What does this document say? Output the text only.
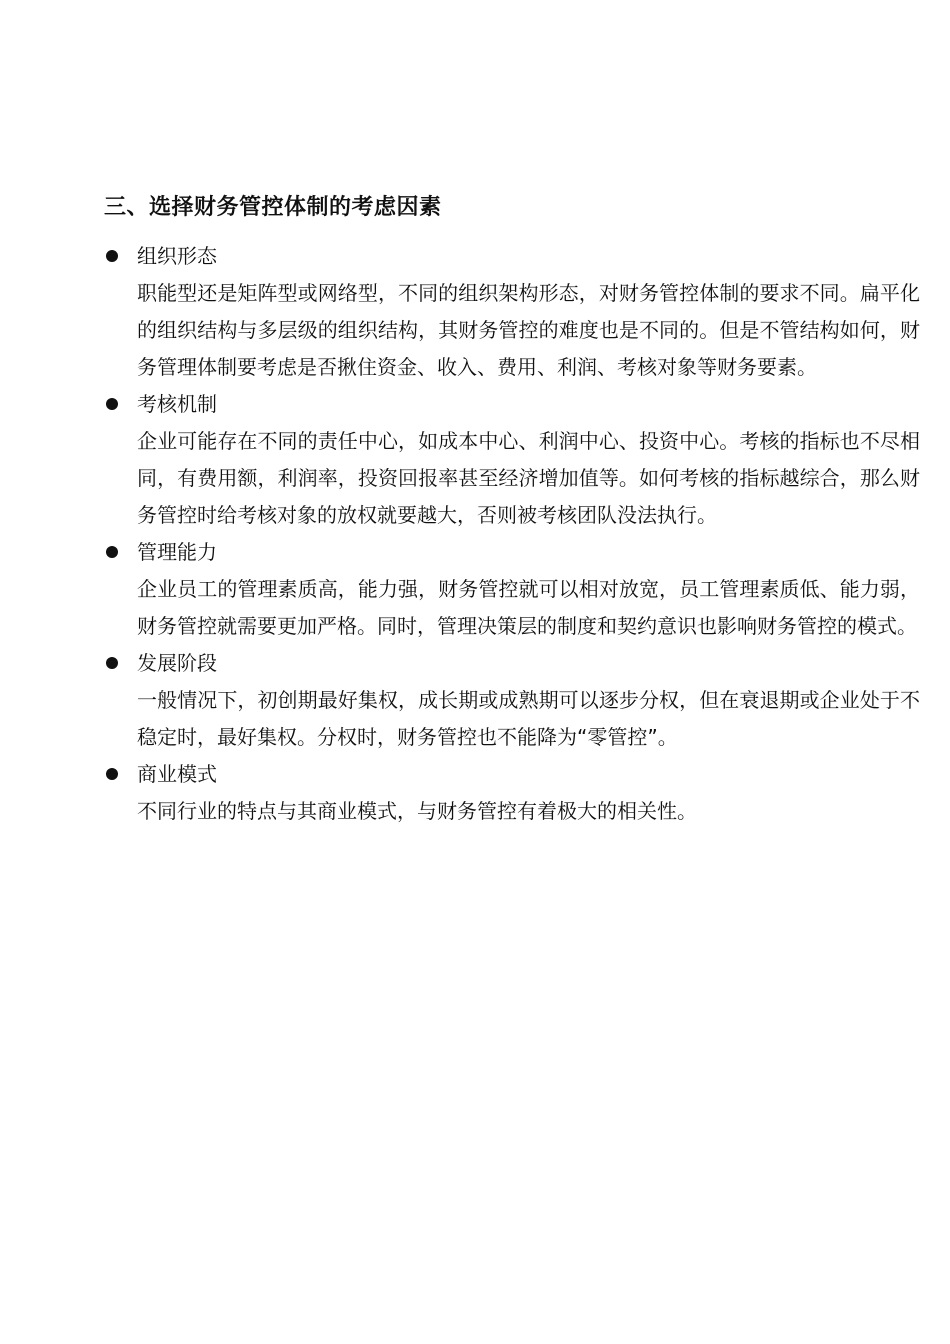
三、选择财务管控体制的考虑因素
组织形态
职能型还是矩阵型或网络型，不同的组织架构形态，对财务管控体制的要求不同。扁平化的组织结构与多层级的组织结构，其财务管控的难度也是不同的。但是不管结构如何，财务管理体制要考虑是否揪住资金、收入、费用、利润、考核对象等财务要素。
考核机制
企业可能存在不同的责任中心，如成本中心、利润中心、投资中心。考核的指标也不尽相同，有费用额，利润率，投资回报率甚至经济增加值等。如何考核的指标越综合，那么财务管控时给考核对象的放权就要越大，否则被考核团队没法执行。
管理能力
企业员工的管理素质高，能力强，财务管控就可以相对放宽，员工管理素质低、能力弱，财务管控就需要更加严格。同时，管理决策层的制度和契约意识也影响财务管控的模式。
发展阶段
一般情况下，初创期最好集权，成长期或成熟期可以逐步分权，但在衰退期或企业处于不稳定时，最好集权。分权时，财务管控也不能降为“零管控”。
商业模式
不同行业的特点与其商业模式，与财务管控有着极大的相关性。
